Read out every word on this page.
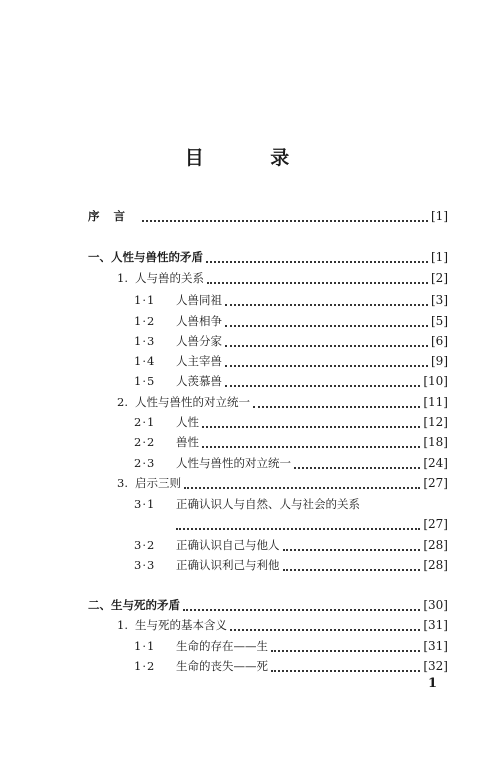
目 录
序言	[1]
一、 人性与兽性的矛盾	[1]
1. 人与兽的关系	[2]
1·1	人兽同祖	[3]
1·2	人兽相争	[5]
1·3	人兽分家	[6]
1·4	人主宰兽	[9]
1·5	人羡慕兽	[10]
2. 人性与兽性的对立统一	[11]
2·1	人性	[12]
2·2	兽性	[18]
2·3	人性与兽性的对立统一	[24]
3. 启示三则	[27]
3·1	正确认识人与自然、人与社会的关系
[27]
3·2	正确认识自己与他人	[28]
3·3	正确认识利己与利他	[28]
二、 生与死的矛盾	[30]
1. 生与死的基本含义	[31]
1·1	生命的存在——生	[31]
1·2	生命的丧失——死	[32]
1
